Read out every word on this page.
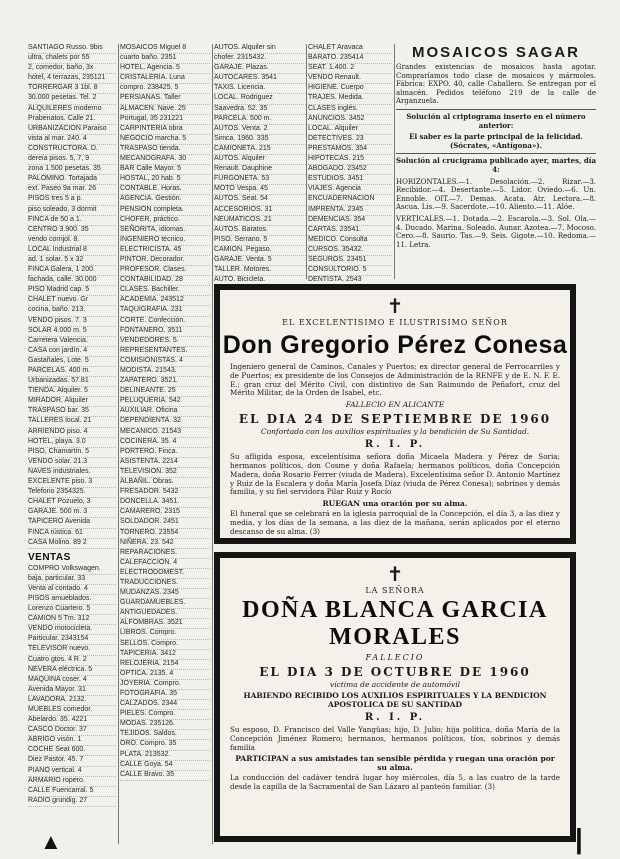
SANTIAGO Russo. 9bis
ultra, chalets por 55
2, comedor, baño, 3x
hotel, 4 terrazas, 235121
TORRERGAR 3 1bl. 8
30.000 pesetas. Tel. 2
ALQUILERES moderno
Prabenatos. Calle 21.
URBANIZACION Paraiso
vista al mar. 240. 4
CONSTRUCTORA. D.
dereia pisos. 5, 7, 9
zona 1.500 pesetas. 35
PALOMINO. Tortajada
ext. Paseo 9a mar. 26
PISOS tres 5 a p.
piso soleado, 3 dormit
FINCA de 50 a 1.
CENTRO 3.900. 35
vendo corrijol. 8.
LOCAL Industrial 8
ad. 1 solar. 5 x 32
FINCA Galera, 1 200.
fachada, calle. 30.000
PISO Madrid cap. 5
CHALET nuevo. Gr
cocina, baño. 213.
VENDO pisos. 7. 3
SOLAR 4.000 m. 5
Carretera Valencia.
CASA con jardín. 4
Gastañales, Lote. 5
PARCELAS. 400 m.
Urbanizadas. 57.81
TIENDA. Alquiler. 5
MIRADOR. Alquiler
TRASPASO bar. 35
TALLERES local. 21
ARRIENDO piso. 4
HOTEL, playa. 3.0
PISO, Chamartín. 5
VENDO solar. 21.3
NAVES industriales.
EXCELENTE piso. 3
Telefono 2354325.
CHALET Pozuelo, 3
GARAJE. 500 m. 3
TAPICERO Avenida
FINCA rústica. 61
CASA Molino. 89 2
VENTAS
COMPRO Volkswagen.
baja, particular. 33
Venta al contado. 4
PISOS amueblados.
Lorenzo Cuartero. 5
CAMION 5 Tm. 312
VENDO motocicleta.
Particular. 2343154
TELEVISOR nuevo.
Cuatro gtos. 4 R. 2
NEVERA eléctrica. 5
MAQUINA coser. 4
Avenida Mayor. 31
LAVADORA. 2132.
MUEBLES comedor.
Abelardo. 35. 4221
CASCO Doctor. 37
ABRIGO visón. 1
COCHE Seat 600.
Diez Pastor. 45. 7
PIANO vertical. 4
ARMARIO ropero.
CALLE Fuencarral. 5
RADIO grundig. 27
MOSAICOS Miguel 8
cuarto baño. 2351
HOTEL. Agencia. 5
CRISTALERIA. Luna
compro. 238425. 5
PERSIANAS. Taller
ALMACEN. Nave. 25
Portugal, 35 231221
CARPINTERIA obra
NEGOCIO marcha. 5
TRASPASO tienda.
MECANOGRAFA. 30
BAR Calle Mayor. 5
HOSTAL, 20 hab. 5
CONTABLE. Horas.
AGENCIA. Gestión.
PENSION completa.
CHOFER, práctico.
SEÑORITA, idiomas.
INGENIERO técnico.
ELECTRICISTA. 45
PINTOR. Decorador.
PROFESOR. Clases.
CONTABILIDAD. 28
CLASES. Bachiller.
ACADEMIA. 243512
TAQUIGRAFIA. 231
CORTE. Confección.
FONTANERO. 3511
VENDEDORES. 5.
REPRESENTANTES.
COMISIONISTAS. 4
MODISTA. 21543.
ZAPATERO. 3521.
DELINEANTE. 25
PELUQUERIA. 542
AUXILIAR. Oficina
DEPENDIENTA. 32
MECANICO. 21543
COCINERA. 35. 4
PORTERO. Finca.
ASISTENTA. 2214
TELEVISION. 352
ALBAÑIL. Obras.
FRESADOR. 5432
DONCELLA. 3451.
CAMARERO. 2315
SOLDADOR. 2451
TORNERO. 23554
NIÑERA. 23. 542
REPARACIONES.
CALEFACCION. 4
ELECTRODOMEST.
TRADUCCIONES.
MUDANZAS. 2345
GUARDAMUEBLES.
ANTIGUEDADES.
ALFOMBRAS. 3521
LIBROS. Compro.
SELLOS. Compro.
TAPICERIA. 3412
RELOJERIA. 2154
OPTICA. 2135. 4
JOYERIA. Compro.
FOTOGRAFIA. 35
CALZADOS. 2344
PIELES. Compro.
MODAS. 235126.
TEJIDOS. Saldos.
ORO. Compro. 35
PLATA. 213532.
CALLE Goya. 54
CALLE Bravo. 35
AUTOS. Alquiler sin
chofer. 2315432.
GARAJE. Plazas.
AUTOCARES. 3541
TAXIS. Licencia.
LOCAL. Rodriguez
Saavedra. 52. 35
PARCELA. 500 m.
AUTOS. Venta. 2
Simca. 1960. 335
CAMIONETA. 215
AUTOS. Alquiler
Renault. Dauphine
FURGONETA. 53
MOTO Vespa. 45
AUTOS. Seat. 54
ACCESORIOS. 31
NEUMATICOS. 21
AUTOS. Baratos.
PISO. Serrano. 5
CAMION. Pegaso.
GARAJE. Venta. 5
TALLER. Motores.
AUTO. Bicicleta.
CHALET Aravaca
BARATO. 235414
SEAT. 1.400. 2
VENDO Renault.
HIGIENE. Cuerpo
TRAJES. Medida.
CLASES inglés.
ANUNCIOS. 3452
LOCAL. Alquiler
DETECTIVES. 23
PRESTAMOS. 354
HIPOTECAS. 215
ABOGADO. 23452
ESTUDIOS. 3451
VIAJES. Agencia
ENCUADERNACION
IMPRENTA. 2345
DEMENCIAS. 354
CARTAS. 23541.
MEDICO. Consulta
CURSOS. 35432.
SEGUROS. 23451
CONSULTORIO. 5
DENTISTA. 2543
MOSAICOS SAGAR

Grandes existencias de mosaicos hasta agotar. Compraríamos todo clase de mosaicos y mármoles. Fábrica: EXPO. 40, calle Caballero. Se entregan por el almacén. Pedidos teléfono 219 de la calle de Arganzuela.

Solución al criptograma inserto en el número anterior:

El saber es la parte principal de la felicidad. (Sócrates, «Antígona»).

Solución al crucigrama publicado ayer, martes, día 4:

HORIZONTALES.—1. Desolación.—2. Rizar.—3. Recibidor.—4. Desertante.—5. Lidor. Oviedo.—6. Un. Ennoble. OIT.—7. Demas. Acata. Atr. Lectora.—8. Ascua. Lis.—9. Sacerdote.—10. Aliento.—11. Alóe.

VERTICALES.—1. Dotada.—2. Escarola.—3. Sol. Ola.—4. Ducado. Marina. Soleado. Aunar. Azotea.—7. Mocoso. Cero.—8. Saurio. Tas.—9. Seis. Gigote.—10. Redoma.—11. Letra.

✝
EL EXCELENTISIMO E ILUSTRISIMO SEÑOR
Don Gregorio Pérez Conesa
Ingeniero general de Caminos, Canales y Puertos; ex director general de Ferrocarriles y de Puertos; ex presidente de los Consejos de Administración de la RENFE y de E. N. F. E. E.; gran cruz del Mérito Civil, con distintivo de San Raimundo de Peñafort, cruz del Mérito Militar, de la Orden de Isabel, etc.
FALLECIO EN ALICANTE
EL DIA 24 DE SEPTIEMBRE DE 1960
Confortado con los auxilios espirituales y la bendición de Su Santidad.
R. I. P.
Su afligida esposa, excelentísima señora doña Micaela Madera y Pérez de Soria; hermanos políticos, don Cosme y doña Rafaela; hermanos políticos, doña Concepción Madera, doña Rosario Ferrer (viuda de Madera), Excelentísima señor D. Antonio Martínez y Ruiz de la Escalera y doña María Josefa Díaz (viuda de Pérez Conesa); sobrinos y demás familia, y su fiel servidora Pilar Ruiz y Rocío
RUEGAN una oración por su alma.
El funeral que se celebrará en la iglesia parroquial de la Concepción, el día 3, a las diez y media, y los días de la semana, a las diez de la mañana, serán aplicados por el eterno descanso de su alma. (3)
✝
LA SEÑORA
DOÑA BLANCA GARCIA MORALES
FALLECIO
EL DIA 3 DE OCTUBRE DE 1960
víctima de accidente de automóvil
HABIENDO RECIBIDO LOS AUXILIOS ESPIRITUALES Y LA BENDICION APOSTOLICA DE SU SANTIDAD
R. I. P.
Su esposo, D. Francisco del Valle Yangüas; hijo, D. Julio; hija política, doña María de la Concepción Jiménez Romero; hermanos, hermanos políticos, tíos, sobrinos y demás familia
PARTICIPAN a sus amistades tan sensible pérdida y ruegan una oración por su alma.
La conducción del cadáver tendrá lugar hoy miércoles, día 5, a las cuatro de la tarde desde la capilla de la Sacramental de San Lázaro al panteón familiar. (3)
▲	|
